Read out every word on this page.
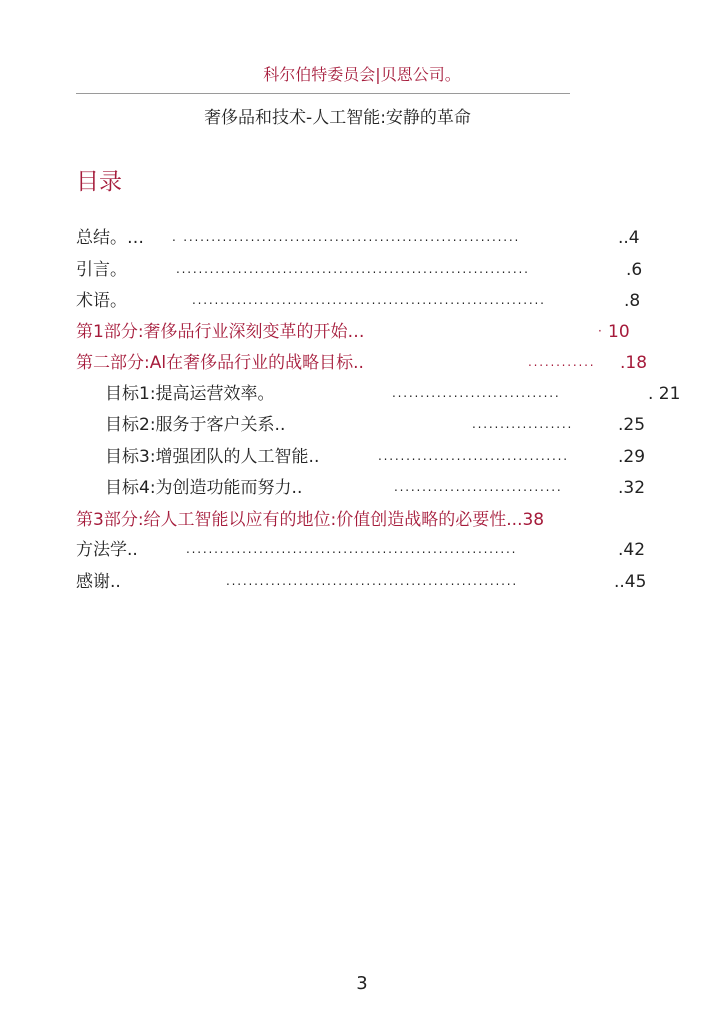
科尔伯特委员会|贝恩公司。
奢侈品和技术-人工智能:安静的革命
目录
总结。… . ............................................................	..4
引言。	...............................................................	.6
术语。	...............................................................	.8
第1部分:奢侈品行业深刻变革的开始…	· 10
第二部分:Al在奢侈品行业的战略目标..	............	.18
目标1:提高运营效率。	..............................	. 21
目标2:服务于客户关系..	..................	.25
目标3:增强团队的人工智能..	..................................	.29
目标4:为创造功能而努力..	..............................	.32
第3部分:给人工智能以应有的地位:价值创造战略的必要性...38
方法学..	...........................................................	.42
感谢..	....................................................	..45
3
